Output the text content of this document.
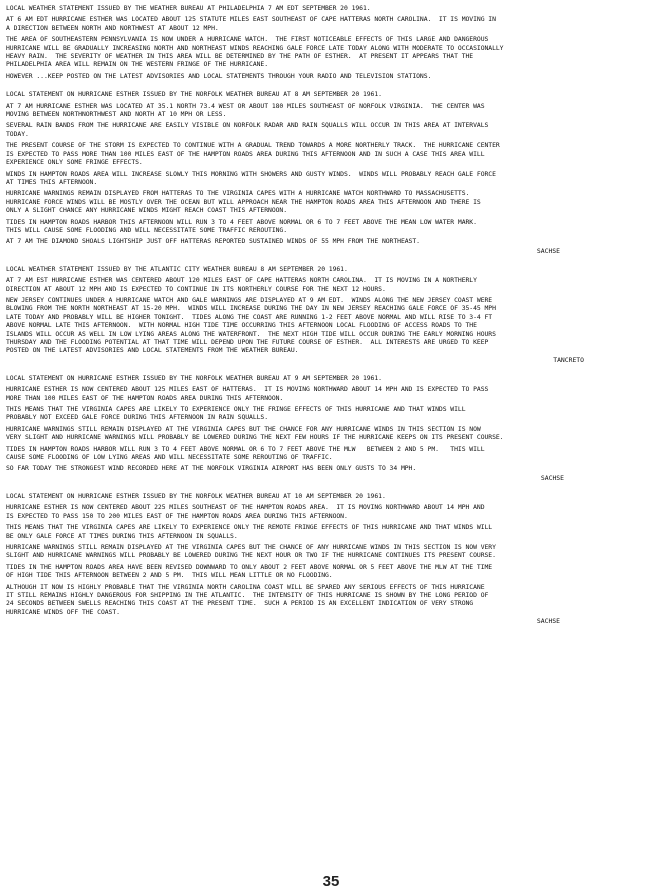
LOCAL WEATHER STATEMENT ISSUED BY THE WEATHER BUREAU AT PHILADELPHIA 7 AM EDT SEPTEMBER 20 1961.
AT 6 AM EDT HURRICANE ESTHER WAS LOCATED ABOUT 125 STATUTE MILES EAST SOUTHEAST OF CAPE HATTERAS NORTH CAROLINA.  IT IS MOVING IN
A DIRECTION BETWEEN NORTH AND NORTHWEST AT ABOUT 12 MPH.
THE AREA OF SOUTHEASTERN PENNSYLVANIA IS NOW UNDER A HURRICANE WATCH.  THE FIRST NOTICEABLE EFFECTS OF THIS LARGE AND DANGEROUS
HURRICANE WILL BE GRADUALLY INCREASING NORTH AND NORTHEAST WINDS REACHING GALE FORCE LATE TODAY ALONG WITH MODERATE TO OCCASIONALLY
HEAVY RAIN.  THE SEVERITY OF WEATHER IN THIS AREA WILL BE DETERMINED BY THE PATH OF ESTHER.  AT PRESENT IT APPEARS THAT THE
PHILADELPHIA AREA WILL REMAIN ON THE WESTERN FRINGE OF THE HURRICANE.
HOWEVER ...KEEP POSTED ON THE LATEST ADVISORIES AND LOCAL STATEMENTS THROUGH YOUR RADIO AND TELEVISION STATIONS.
LOCAL STATEMENT ON HURRICANE ESTHER ISSUED BY THE NORFOLK WEATHER BUREAU AT 8 AM SEPTEMBER 20 1961.
AT 7 AM HURRICANE ESTHER WAS LOCATED AT 35.1 NORTH 73.4 WEST OR ABOUT 180 MILES SOUTHEAST OF NORFOLK VIRGINIA.  THE CENTER WAS
MOVING BETWEEN NORTHNORTHWEST AND NORTH AT 10 MPH OR LESS.
SEVERAL RAIN BANDS FROM THE HURRICANE ARE EASILY VISIBLE ON NORFOLK RADAR AND RAIN SQUALLS WILL OCCUR IN THIS AREA AT INTERVALS
TODAY.
THE PRESENT COURSE OF THE STORM IS EXPECTED TO CONTINUE WITH A GRADUAL TREND TOWARDS A MORE NORTHERLY TRACK.  THE HURRICANE CENTER
IS EXPECTED TO PASS MORE THAN 100 MILES EAST OF THE HAMPTON ROADS AREA DURING THIS AFTERNOON AND IN SUCH A CASE THIS AREA WILL
EXPERIENCE ONLY SOME FRINGE EFFECTS.
WINDS IN HAMPTON ROADS AREA WILL INCREASE SLOWLY THIS MORNING WITH SHOWERS AND GUSTY WINDS.  WINDS WILL PROBABLY REACH GALE FORCE
AT TIMES THIS AFTERNOON.
HURRICANE WARNINGS REMAIN DISPLAYED FROM HATTERAS TO THE VIRGINIA CAPES WITH A HURRICANE WATCH NORTHWARD TO MASSACHUSETTS.
HURRICANE FORCE WINDS WILL BE MOSTLY OVER THE OCEAN BUT WILL APPROACH NEAR THE HAMPTON ROADS AREA THIS AFTERNOON AND THERE IS
ONLY A SLIGHT CHANCE ANY HURRICANE WINDS MIGHT REACH COAST THIS AFTERNOON.
TIDES IN HAMPTON ROADS HARBOR THIS AFTERNOON WILL RUN 3 TO 4 FEET ABOVE NORMAL OR 6 TO 7 FEET ABOVE THE MEAN LOW WATER MARK.
THIS WILL CAUSE SOME FLOODING AND WILL NECESSITATE SOME TRAFFIC REROUTING.
AT 7 AM THE DIAMOND SHOALS LIGHTSHIP JUST OFF HATTERAS REPORTED SUSTAINED WINDS OF 55 MPH FROM THE NORTHEAST.
SACHSE
LOCAL WEATHER STATEMENT ISSUED BY THE ATLANTIC CITY WEATHER BUREAU 8 AM SEPTEMBER 20 1961.
AT 7 AM EST HURRICANE ESTHER WAS CENTERED ABOUT 120 MILES EAST OF CAPE HATTERAS NORTH CAROLINA.  IT IS MOVING IN A NORTHERLY
DIRECTION AT ABOUT 12 MPH AND IS EXPECTED TO CONTINUE IN ITS NORTHERLY COURSE FOR THE NEXT 12 HOURS.
NEW JERSEY CONTINUES UNDER A HURRICANE WATCH AND GALE WARNINGS ARE DISPLAYED AT 9 AM EDT.  WINDS ALONG THE NEW JERSEY COAST WERE
BLOWING FROM THE NORTH NORTHEAST AT 15-20 MPH.  WINDS WILL INCREASE DURING THE DAY IN NEW JERSEY REACHING GALE FORCE OF 35-45 MPH
LATE TODAY AND PROBABLY WILL BE HIGHER TONIGHT.  TIDES ALONG THE COAST ARE RUNNING 1-2 FEET ABOVE NORMAL AND WILL RISE TO 3-4 FT
ABOVE NORMAL LATE THIS AFTERNOON.  WITH NORMAL HIGH TIDE TIME OCCURRING THIS AFTERNOON LOCAL FLOODING OF ACCESS ROADS TO THE
ISLANDS WILL OCCUR AS WELL IN LOW LYING AREAS ALONG THE WATERFRONT.  THE NEXT HIGH TIDE WILL OCCUR DURING THE EARLY MORNING HOURS
THURSDAY AND THE FLOODING POTENTIAL AT THAT TIME WILL DEPEND UPON THE FUTURE COURSE OF ESTHER.  ALL INTERESTS ARE URGED TO KEEP
POSTED ON THE LATEST ADVISORIES AND LOCAL STATEMENTS FROM THE WEATHER BUREAU.
TANCRETO
LOCAL STATEMENT ON HURRICANE ESTHER ISSUED BY THE NORFOLK WEATHER BUREAU AT 9 AM SEPTEMBER 20 1961.
HURRICANE ESTHER IS NOW CENTERED ABOUT 125 MILES EAST OF HATTERAS.  IT IS MOVING NORTHWARD ABOUT 14 MPH AND IS EXPECTED TO PASS
MORE THAN 100 MILES EAST OF THE HAMPTON ROADS AREA DURING THIS AFTERNOON.
THIS MEANS THAT THE VIRGINIA CAPES ARE LIKELY TO EXPERIENCE ONLY THE FRINGE EFFECTS OF THIS HURRICANE AND THAT WINDS WILL
PROBABLY NOT EXCEED GALE FORCE DURING THIS AFTERNOON IN RAIN SQUALLS.
HURRICANE WARNINGS STILL REMAIN DISPLAYED AT THE VIRGINIA CAPES BUT THE CHANCE FOR ANY HURRICANE WINDS IN THIS SECTION IS NOW
VERY SLIGHT AND HURRICANE WARNINGS WILL PROBABLY BE LOWERED DURING THE NEXT FEW HOURS IF THE HURRICANE KEEPS ON ITS PRESENT COURSE.
TIDES IN HAMPTON ROADS HARBOR WILL RUN 3 TO 4 FEET ABOVE NORMAL OR 6 TO 7 FEET ABOVE THE MLW   BETWEEN 2 AND 5 PM.   THIS WILL
CAUSE SOME FLOODING OF LOW LYING AREAS AND WILL NECESSITATE SOME REROUTING OF TRAFFIC.
SO FAR TODAY THE STRONGEST WIND RECORDED HERE AT THE NORFOLK VIRGINIA AIRPORT HAS BEEN ONLY GUSTS TO 34 MPH.
SACHSE
LOCAL STATEMENT ON HURRICANE ESTHER ISSUED BY THE NORFOLK WEATHER BUREAU AT 10 AM SEPTEMBER 20 1961.
HURRICANE ESTHER IS NOW CENTERED ABOUT 225 MILES SOUTHEAST OF THE HAMPTON ROADS AREA.  IT IS MOVING NORTHWARD ABOUT 14 MPH AND
IS EXPECTED TO PASS 150 TO 200 MILES EAST OF THE HAMPTON ROADS AREA DURING THIS AFTERNOON.
THIS MEANS THAT THE VIRGINIA CAPES ARE LIKELY TO EXPERIENCE ONLY THE REMOTE FRINGE EFFECTS OF THIS HURRICANE AND THAT WINDS WILL
BE ONLY GALE FORCE AT TIMES DURING THIS AFTERNOON IN SQUALLS.
HURRICANE WARNINGS STILL REMAIN DISPLAYED AT THE VIRGINIA CAPES BUT THE CHANCE OF ANY HURRICANE WINDS IN THIS SECTION IS NOW VERY
SLIGHT AND HURRICANE WARNINGS WILL PROBABLY BE LOWERED DURING THE NEXT HOUR OR TWO IF THE HURRICANE CONTINUES ITS PRESENT COURSE.
TIDES IN THE HAMPTON ROADS AREA HAVE BEEN REVISED DOWNWARD TO ONLY ABOUT 2 FEET ABOVE NORMAL OR 5 FEET ABOVE THE MLW AT THE TIME
OF HIGH TIDE THIS AFTERNOON BETWEEN 2 AND 5 PM.  THIS WILL MEAN LITTLE OR NO FLOODING.
ALTHOUGH IT NOW IS HIGHLY PROBABLE THAT THE VIRGINIA NORTH CAROLINA COAST WILL BE SPARED ANY SERIOUS EFFECTS OF THIS HURRICANE
IT STILL REMAINS HIGHLY DANGEROUS FOR SHIPPING IN THE ATLANTIC.  THE INTENSITY OF THIS HURRICANE IS SHOWN BY THE LONG PERIOD OF
24 SECONDS BETWEEN SWELLS REACHING THIS COAST AT THE PRESENT TIME.  SUCH A PERIOD IS AN EXCELLENT INDICATION OF VERY STRONG
HURRICANE WINDS OFF THE COAST.
SACHSE
35
